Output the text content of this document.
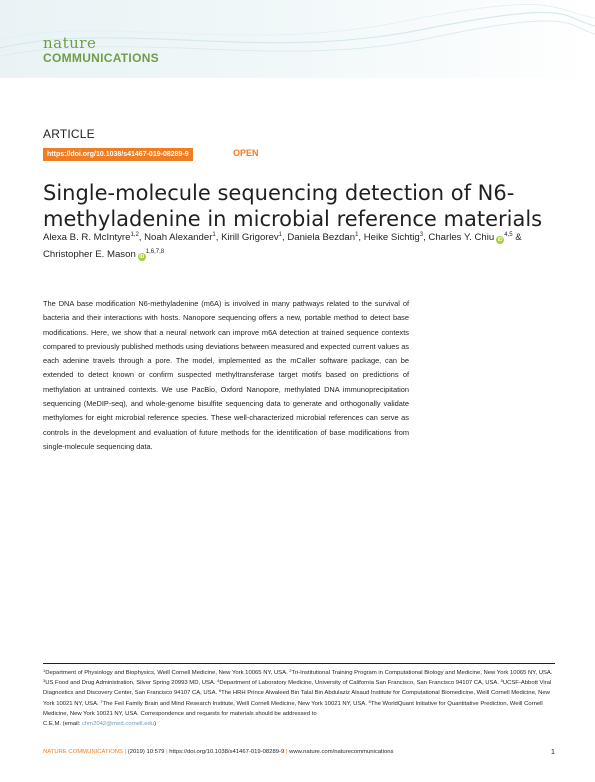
nature
COMMUNICATIONS
ARTICLE
https://doi.org/10.1038/s41467-019-08289-9	OPEN
Single-molecule sequencing detection of N6-methyladenine in microbial reference materials
Alexa B. R. McIntyre$^{1,2}$, Noah Alexander$^1$, Kirill Grigorev$^1$, Daniela Bezdan$^1$, Heike Sichtig$^3$, Charles Y. Chiu iD$^{4,5}$ &
Christopher E. Mason iD$^{1,6,7,8}$

The DNA base modification N6-methyladenine (m6A) is involved in many pathways related to the survival of bacteria and their interactions with hosts. Nanopore sequencing offers a new, portable method to detect base modifications. Here, we show that a neural network can improve m6A detection at trained sequence contexts compared to previously published methods using deviations between measured and expected current values as each adenine travels through a pore. The model, implemented as the mCaller software package, can be extended to detect known or confirm suspected methyltransferase target motifs based on predictions of methylation at untrained contexts. We use PacBio, Oxford Nanopore, methylated DNA immunoprecipitation sequencing (MeDIP-seq), and whole-genome bisulfite sequencing data to generate and orthogonally validate methylomes for eight microbial reference species. These well-characterized microbial references can serve as controls in the development and evaluation of future methods for the identification of base modifications from single-molecule sequencing data.

$^1$Department of Physiology and Biophysics, Weill Cornell Medicine, New York 10065 NY, USA. $^2$Tri-Institutional Training Program in Computational Biology and Medicine, New York 10065 NY, USA. $^3$US Food and Drug Administration, Silver Spring 20993 MD, USA. $^4$Department of Laboratory Medicine, University of California San Francisco, San Francisco 94107 CA, USA. $^5$UCSF-Abbott Viral Diagnostics and Discovery Center, San Francisco 94107 CA, USA. $^6$The HRH Prince Alwaleed Bin Talal Bin Abdulaziz Alsaud Institute for Computational Biomedicine, Weill Cornell Medicine, New York 10021 NY, USA. $^7$The Feil Family Brain and Mind Research Institute, Weill Cornell Medicine, New York 10021 NY, USA. $^8$The WorldQuant Initiative for Quantitative Prediction, Weill Cornell Medicine, New York 10021 NY, USA. Correspondence and requests for materials should be addressed to
C.E.M. (email: chm2042@med.cornell.edu)
NATURE COMMUNICATIONS | (2019) 10:579 | https://doi.org/10.1038/s41467-019-08289-9 | www.nature.com/naturecommunications	1
